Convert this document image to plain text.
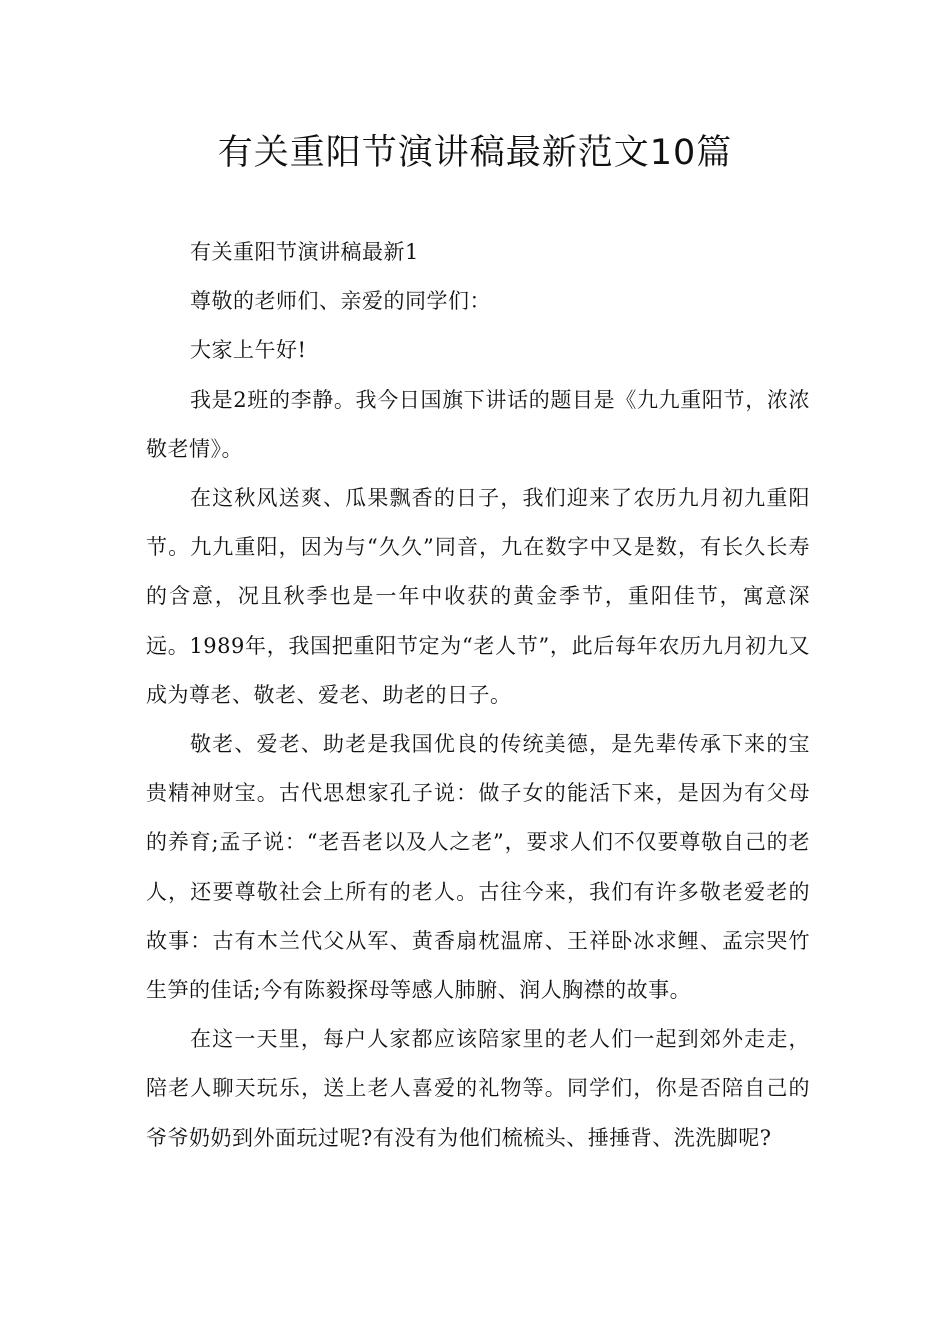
有关重阳节演讲稿最新范文10篇

有关重阳节演讲稿最新1

尊敬的老师们、亲爱的同学们：

大家上午好!

我是2班的李静。我今日国旗下讲话的题目是《九九重阳节，浓浓敬老情》。

在这秋风送爽、瓜果飘香的日子，我们迎来了农历九月初九重阳节。九九重阳，因为与“久久”同音，九在数字中又是数，有长久长寿的含意，况且秋季也是一年中收获的黄金季节，重阳佳节，寓意深远。1989年，我国把重阳节定为“老人节”，此后每年农历九月初九又成为尊老、敬老、爱老、助老的日子。

敬老、爱老、助老是我国优良的传统美德，是先辈传承下来的宝贵精神财宝。古代思想家孔子说：做子女的能活下来，是因为有父母的养育;孟子说：“老吾老以及人之老”，要求人们不仅要尊敬自己的老人，还要尊敬社会上所有的老人。古往今来，我们有许多敬老爱老的故事：古有木兰代父从军、黄香扇枕温席、王祥卧冰求鲤、孟宗哭竹生笋的佳话;今有陈毅探母等感人肺腑、润人胸襟的故事。

在这一天里，每户人家都应该陪家里的老人们一起到郊外走走，陪老人聊天玩乐，送上老人喜爱的礼物等。同学们，你是否陪自己的爷爷奶奶到外面玩过呢?有没有为他们梳梳头、捶捶背、洗洗脚呢?
